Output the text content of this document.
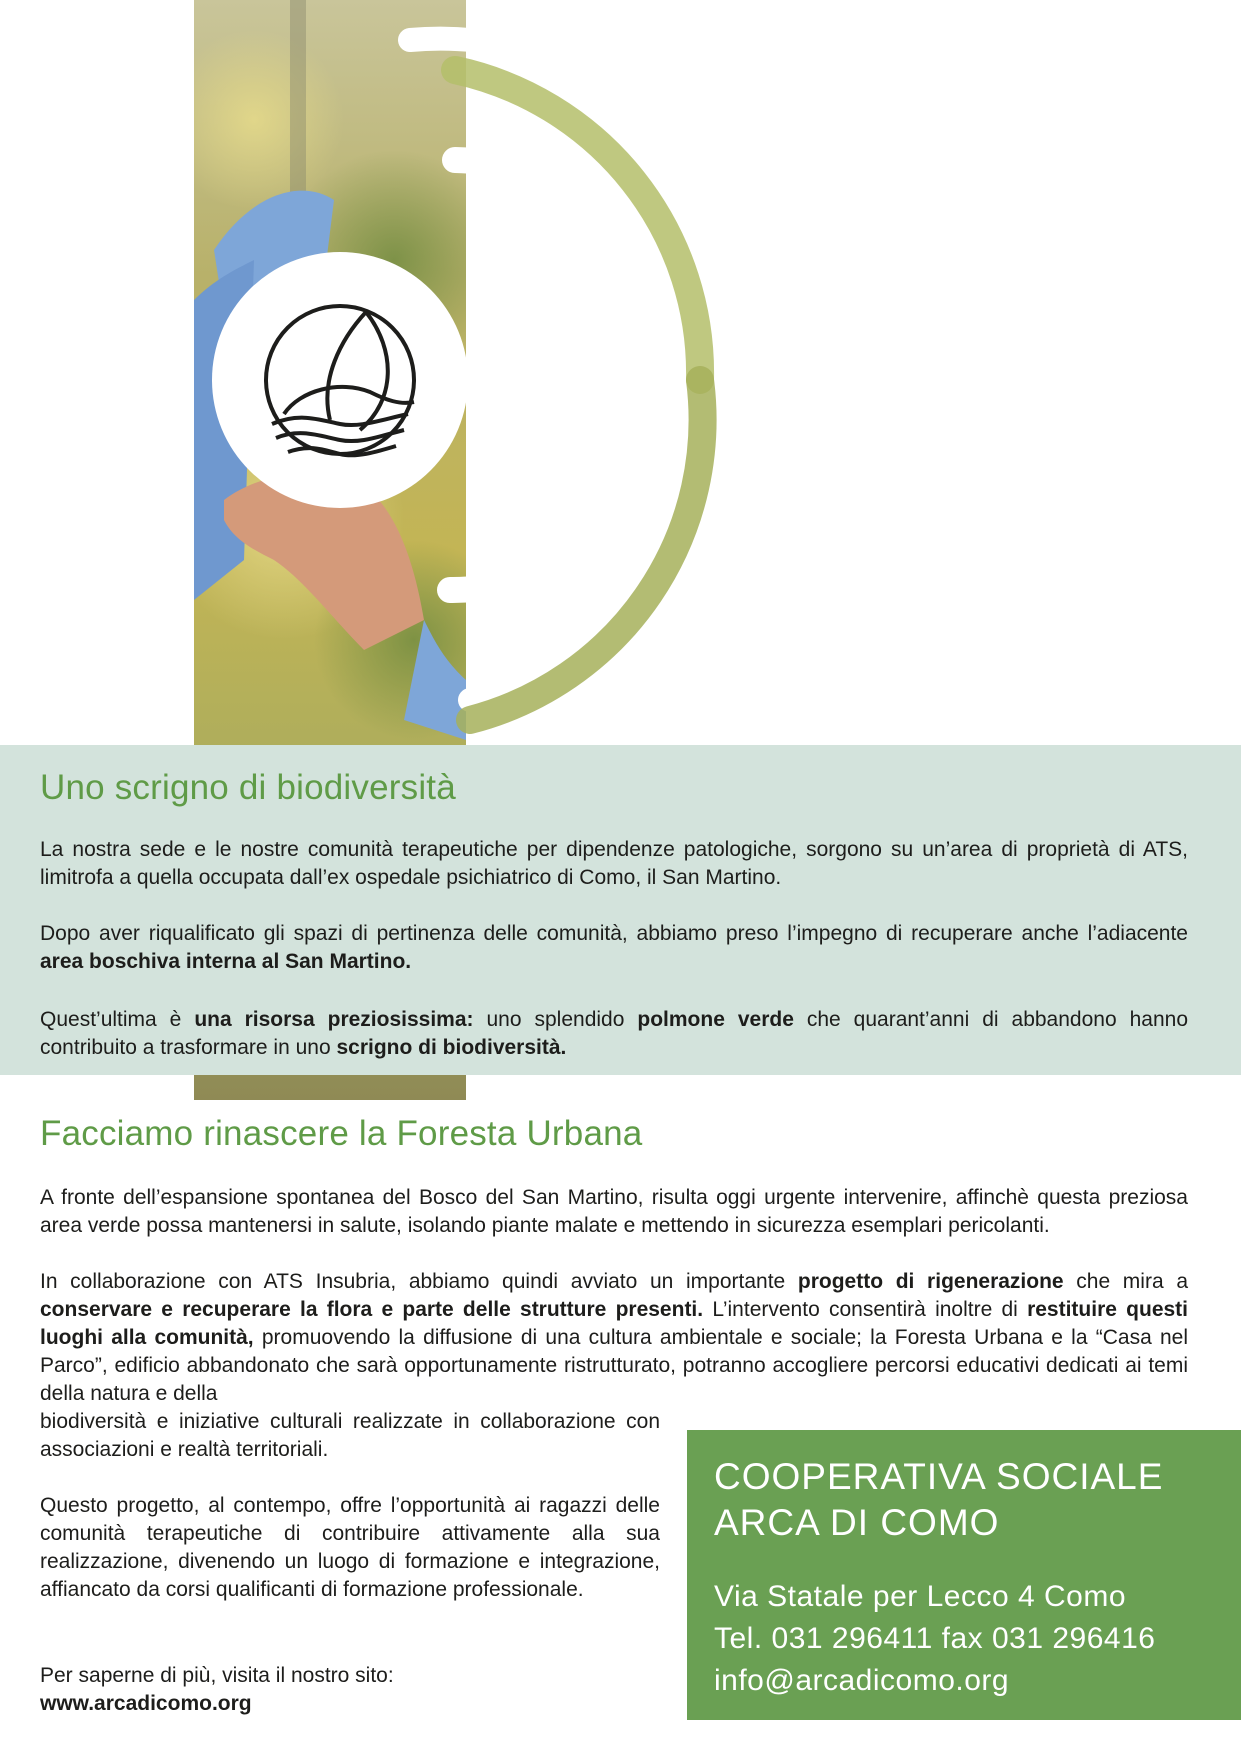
Uno scrigno di biodiversità

La nostra sede e le nostre comunità terapeutiche per dipendenze patologiche, sorgono su un’area di proprietà di ATS, limitrofa a quella occupata dall’ex ospedale psichiatrico di Como, il San Martino.

Dopo aver riqualificato gli spazi di pertinenza delle comunità, abbiamo preso l’impegno di recuperare anche l’adiacente area boschiva interna al San Martino.

Quest’ultima è una risorsa preziosissima: uno splendido polmone verde che quarant’anni di abbandono hanno contribuito a trasformare in uno scrigno di biodiversità.

Facciamo rinascere la Foresta Urbana

A fronte dell’espansione spontanea del Bosco del San Martino, risulta oggi urgente intervenire, affinchè questa preziosa area verde possa mantenersi in salute, isolando piante malate e mettendo in sicurezza esemplari pericolanti.

In collaborazione con ATS Insubria, abbiamo quindi avviato un importante progetto di rigenerazione che mira a conservare e recuperare la flora e parte delle strutture presenti. L’intervento consentirà inoltre di restituire questi luoghi alla comunità, promuovendo la diffusione di una cultura ambientale e sociale; la Foresta Urbana e la “Casa nel Parco”, edificio abbandonato che sarà opportunamente ristrutturato, potranno accogliere percorsi educativi dedicati ai temi della natura e della

biodiversità e iniziative culturali realizzate in collaborazione con associazioni e realtà territoriali.

Questo progetto, al contempo, offre l’opportunità ai ragazzi delle comunità terapeutiche di contribuire attivamente alla sua realizzazione, divenendo un luogo di formazione e integrazione, affiancato da corsi qualificanti di formazione professionale.

Per saperne di più, visita il nostro sito:

www.arcadicomo.org

COOPERATIVA SOCIALE
ARCA DI COMO

Via Statale per Lecco 4 Como

Tel. 031 296411 fax 031 296416

info@arcadicomo.org
